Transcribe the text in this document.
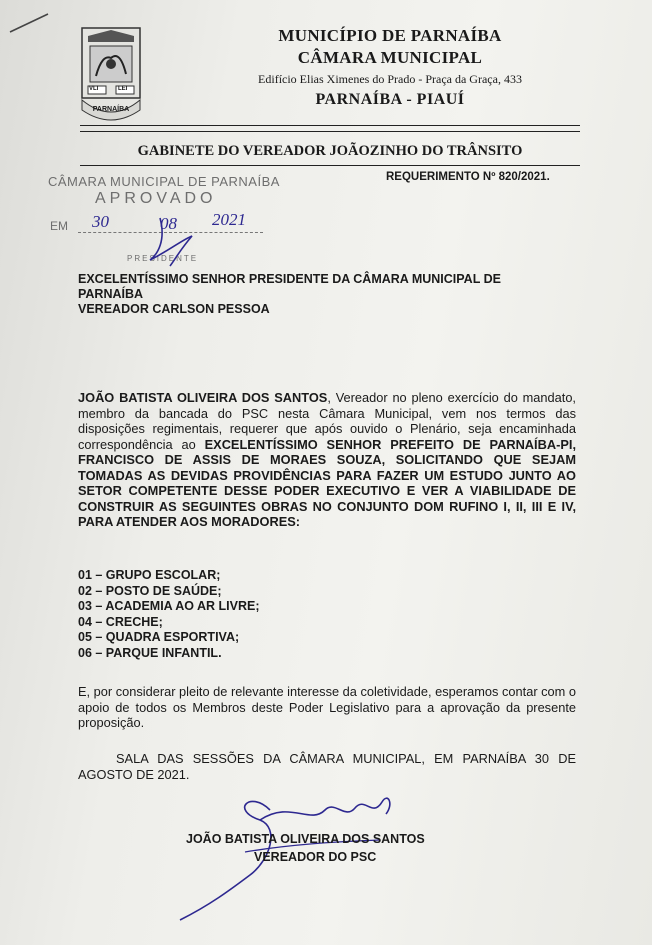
VLI	LEI
PARNAÍBA
MUNICÍPIO DE PARNAÍBA
CÂMARA MUNICIPAL
Edifício Elias Ximenes do Prado - Praça da Graça, 433
PARNAÍBA - PIAUÍ
GABINETE DO VEREADOR JOÃOZINHO DO TRÂNSITO
REQUERIMENTO Nº 820/2021.
CÂMARA MUNICIPAL DE PARNAÍBA
APROVADO
EM 30	08 2021
PRESIDENTE
EXCELENTÍSSIMO SENHOR PRESIDENTE DA CÂMARA MUNICIPAL DE
PARNAÍBA
VEREADOR CARLSON PESSOA
JOÃO BATISTA OLIVEIRA DOS SANTOS, Vereador no pleno exercício do mandato, membro da bancada do PSC nesta Câmara Municipal, vem nos termos das disposições regimentais, requerer que após ouvido o Plenário, seja encaminhada correspondência ao EXCELENTÍSSIMO SENHOR PREFEITO DE PARNAÍBA-PI, FRANCISCO DE ASSIS DE MORAES SOUZA, SOLICITANDO QUE SEJAM TOMADAS AS DEVIDAS PROVIDÊNCIAS PARA FAZER UM ESTUDO JUNTO AO SETOR COMPETENTE DESSE PODER EXECUTIVO E VER A VIABILIDADE DE CONSTRUIR AS SEGUINTES OBRAS NO CONJUNTO DOM RUFINO I, II, III E IV, PARA ATENDER AOS MORADORES:
01 – GRUPO ESCOLAR;
02 – POSTO DE SAÚDE;
03 – ACADEMIA AO AR LIVRE;
04 – CRECHE;
05 – QUADRA ESPORTIVA;
06 – PARQUE INFANTIL.
E, por considerar pleito de relevante interesse da coletividade, esperamos contar com o apoio de todos os Membros deste Poder Legislativo para a aprovação da presente proposição.
SALA DAS SESSÕES DA CÂMARA MUNICIPAL, EM PARNAÍBA 30 DE AGOSTO DE 2021.
JOÃO BATISTA OLIVEIRA DOS SANTOS
VEREADOR DO PSC
